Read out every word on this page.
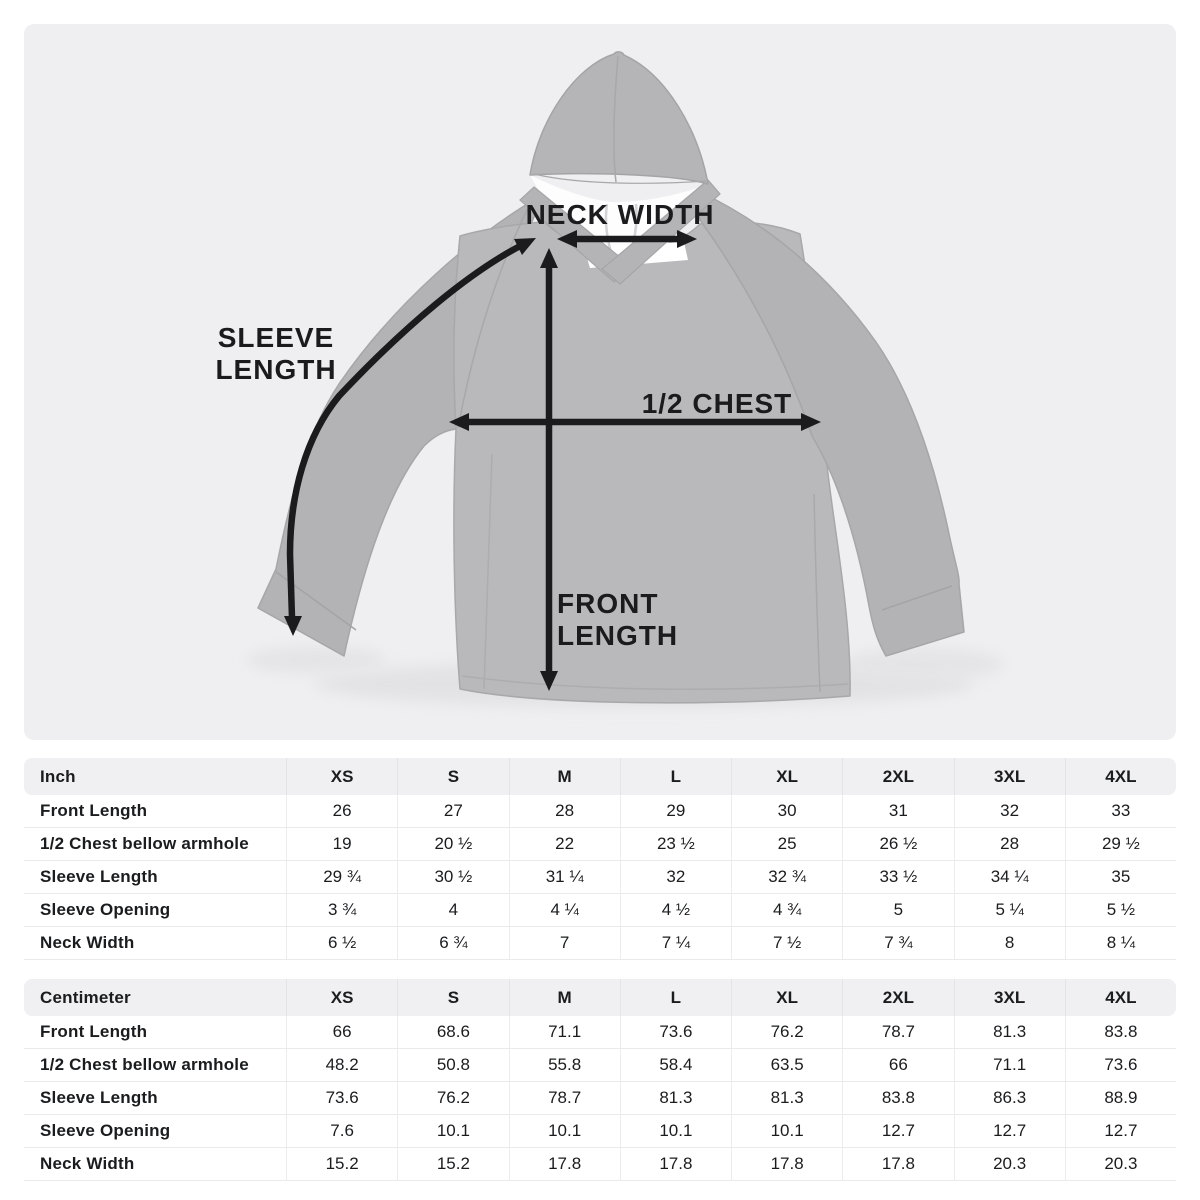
NECK WIDTH
SLEEVE
LENGTH
1/2 CHEST
FRONT
LENGTH
Inch	XS	S	M	L	XL	2XL	3XL	4XL
Front Length	26	27	28	29	30	31	32	33
1/2 Chest bellow armhole	19	20 ½	22	23 ½	25	26 ½	28	29 ½
Sleeve Length	29 ¾	30 ½	31 ¼	32	32 ¾	33 ½	34 ¼	35
Sleeve Opening	3 ¾	4	4 ¼	4 ½	4 ¾	5	5 ¼	5 ½
Neck Width	6 ½	6 ¾	7	7 ¼	7 ½	7 ¾	8	8 ¼
Centimeter	XS	S	M	L	XL	2XL	3XL	4XL
Front Length	66	68.6	71.1	73.6	76.2	78.7	81.3	83.8
1/2 Chest bellow armhole	48.2	50.8	55.8	58.4	63.5	66	71.1	73.6
Sleeve Length	73.6	76.2	78.7	81.3	81.3	83.8	86.3	88.9
Sleeve Opening	7.6	10.1	10.1	10.1	10.1	12.7	12.7	12.7
Neck Width	15.2	15.2	17.8	17.8	17.8	17.8	20.3	20.3
